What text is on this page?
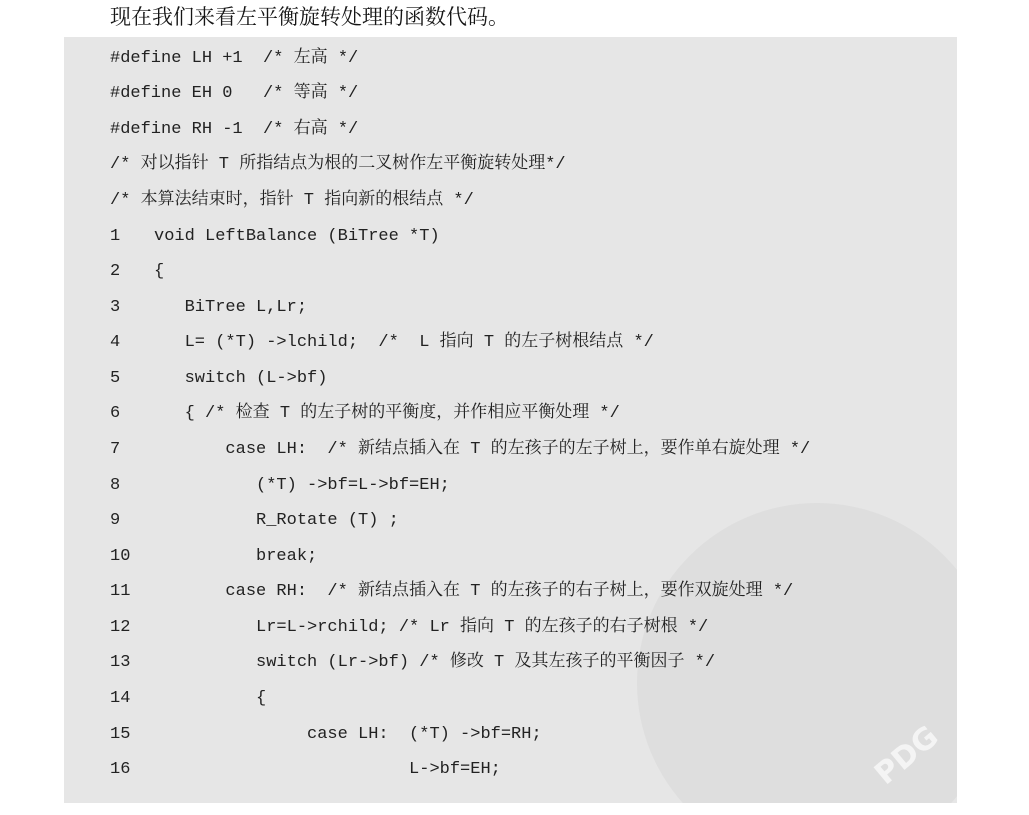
现在我们来看左平衡旋转处理的函数代码。
PDG
#define LH +1  /* 左高 */
#define EH 0   /* 等高 */
#define RH -1  /* 右高 */
/* 对以指针 T 所指结点为根的二叉树作左平衡旋转处理*/
/* 本算法结束时，指针 T 指向新的根结点 */
1 void LeftBalance (BiTree *T)
2 {
3   BiTree L,Lr;
4   L= (*T) ->lchild;  /*  L 指向 T 的左子树根结点 */
5   switch (L->bf)
6   { /* 检查 T 的左子树的平衡度，并作相应平衡处理 */
7       case LH:  /* 新结点插入在 T 的左孩子的左子树上，要作单右旋处理 */
8          (*T) ->bf=L->bf=EH;
9          R_Rotate (T) ;
10          break;
11       case RH:  /* 新结点插入在 T 的左孩子的右子树上，要作双旋处理 */
12          Lr=L->rchild; /* Lr 指向 T 的左孩子的右子树根 */
13          switch (Lr->bf) /* 修改 T 及其左孩子的平衡因子 */
14          {
15               case LH:  (*T) ->bf=RH;
16                         L->bf=EH;
